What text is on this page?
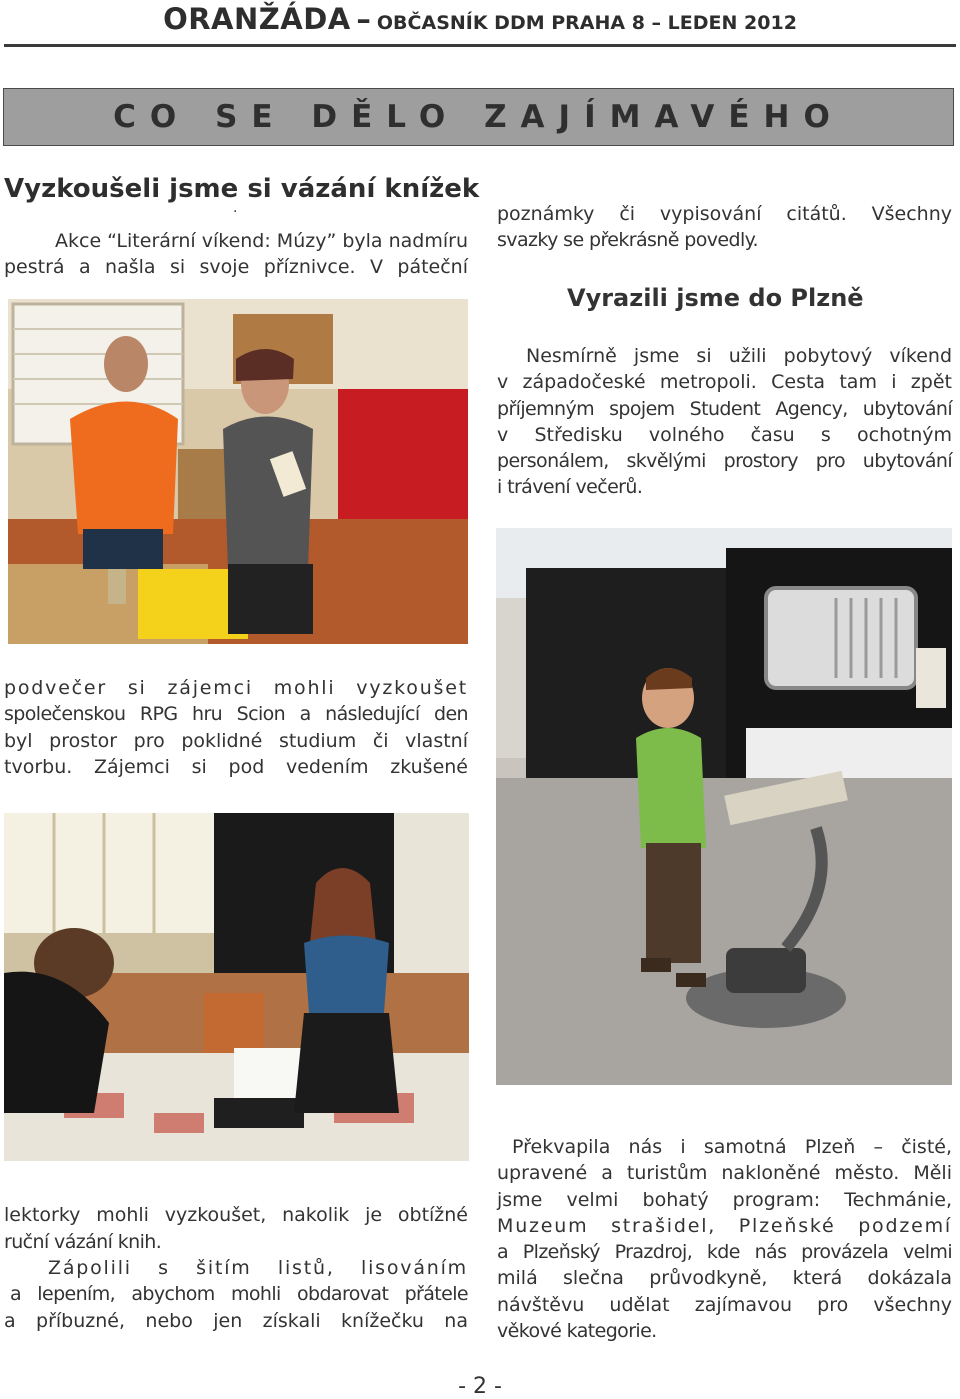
ORANŽÁDA – OBČASNÍK DDM PRAHA 8 – LEDEN 2012
CO SE DĚLO ZAJÍMAVÉHO
Vyzkoušeli jsme si vázání knížek
.
Akce “Literární víkend: Múzy” byla nadmíru
pestrá a našla si svoje příznivce. V páteční
podvečer si zájemci mohli vyzkoušet
společenskou RPG hru Scion a následující den
byl prostor pro poklidné studium či vlastní
tvorbu. Zájemci si pod vedením zkušené
lektorky mohli vyzkoušet, nakolik je obtížné
ruční vázání knih.
Zápolili s šitím listů, lisováním
a lepením, abychom mohli obdarovat přátele
a příbuzné, nebo jen získali knížečku na
poznámky či vypisování citátů. Všechny
svazky se překrásně povedly.
Vyrazili jsme do Plzně
Nesmírně jsme si užili pobytový víkend
v západočeské metropoli. Cesta tam i zpět
příjemným spojem Student Agency, ubytování
v Středisku volného času s ochotným
personálem, skvělými prostory pro ubytování
i trávení večerů.
Překvapila nás i samotná Plzeň – čisté,
upravené a turistům nakloněné město. Měli
jsme velmi bohatý program: Techmánie,
Muzeum strašidel, Plzeňské podzemí
a Plzeňský Prazdroj, kde nás provázela velmi
milá slečna průvodkyně, která dokázala
návštěvu udělat zajímavou pro všechny
věkové kategorie.
- 2 -
